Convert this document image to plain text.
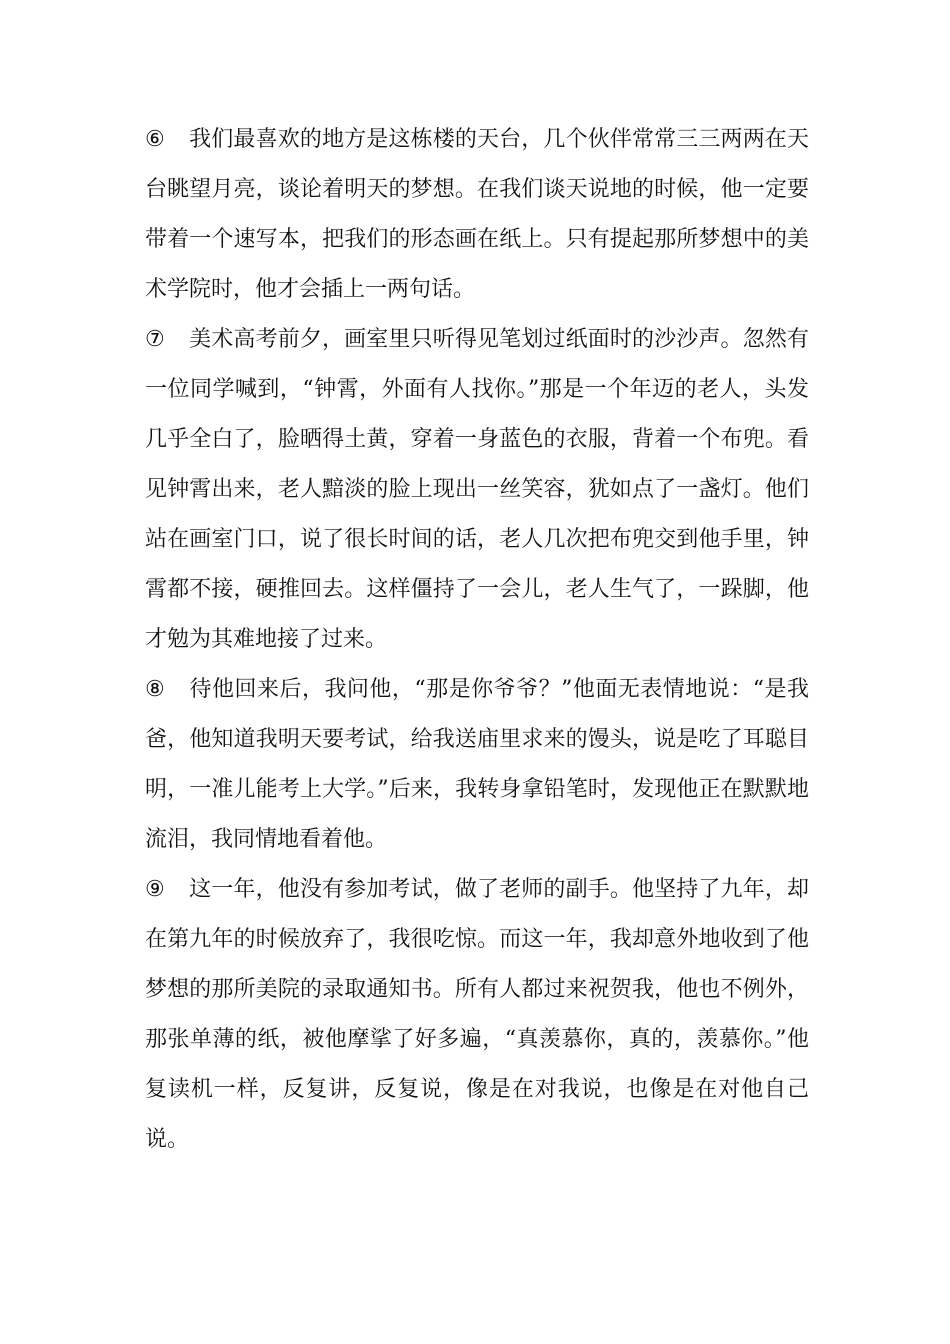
⑥ 我们最喜欢的地方是这栋楼的天台，几个伙伴常常三三两两在天台眺望月亮，谈论着明天的梦想。在我们谈天说地的时候，他一定要带着一个速写本，把我们的形态画在纸上。只有提起那所梦想中的美术学院时，他才会插上一两句话。

⑦ 美术高考前夕，画室里只听得见笔划过纸面时的沙沙声。忽然有一位同学喊到，“钟霄，外面有人找你。”那是一个年迈的老人，头发几乎全白了，脸晒得土黄，穿着一身蓝色的衣服，背着一个布兜。看见钟霄出来，老人黯淡的脸上现出一丝笑容，犹如点了一盏灯。他们站在画室门口，说了很长时间的话，老人几次把布兜交到他手里，钟霄都不接，硬推回去。这样僵持了一会儿，老人生气了，一跺脚，他才勉为其难地接了过来。

⑧ 待他回来后，我问他，“那是你爷爷？”他面无表情地说：“是我爸，他知道我明天要考试，给我送庙里求来的馒头，说是吃了耳聪目明，一准儿能考上大学。”后来，我转身拿铅笔时，发现他正在默默地流泪，我同情地看着他。

⑨ 这一年，他没有参加考试，做了老师的副手。他坚持了九年，却在第九年的时候放弃了，我很吃惊。而这一年，我却意外地收到了他梦想的那所美院的录取通知书。所有人都过来祝贺我，他也不例外，那张单薄的纸，被他摩挲了好多遍，“真羡慕你，真的，羡慕你。”他复读机一样，反复讲，反复说，像是在对我说，也像是在对他自己说。
